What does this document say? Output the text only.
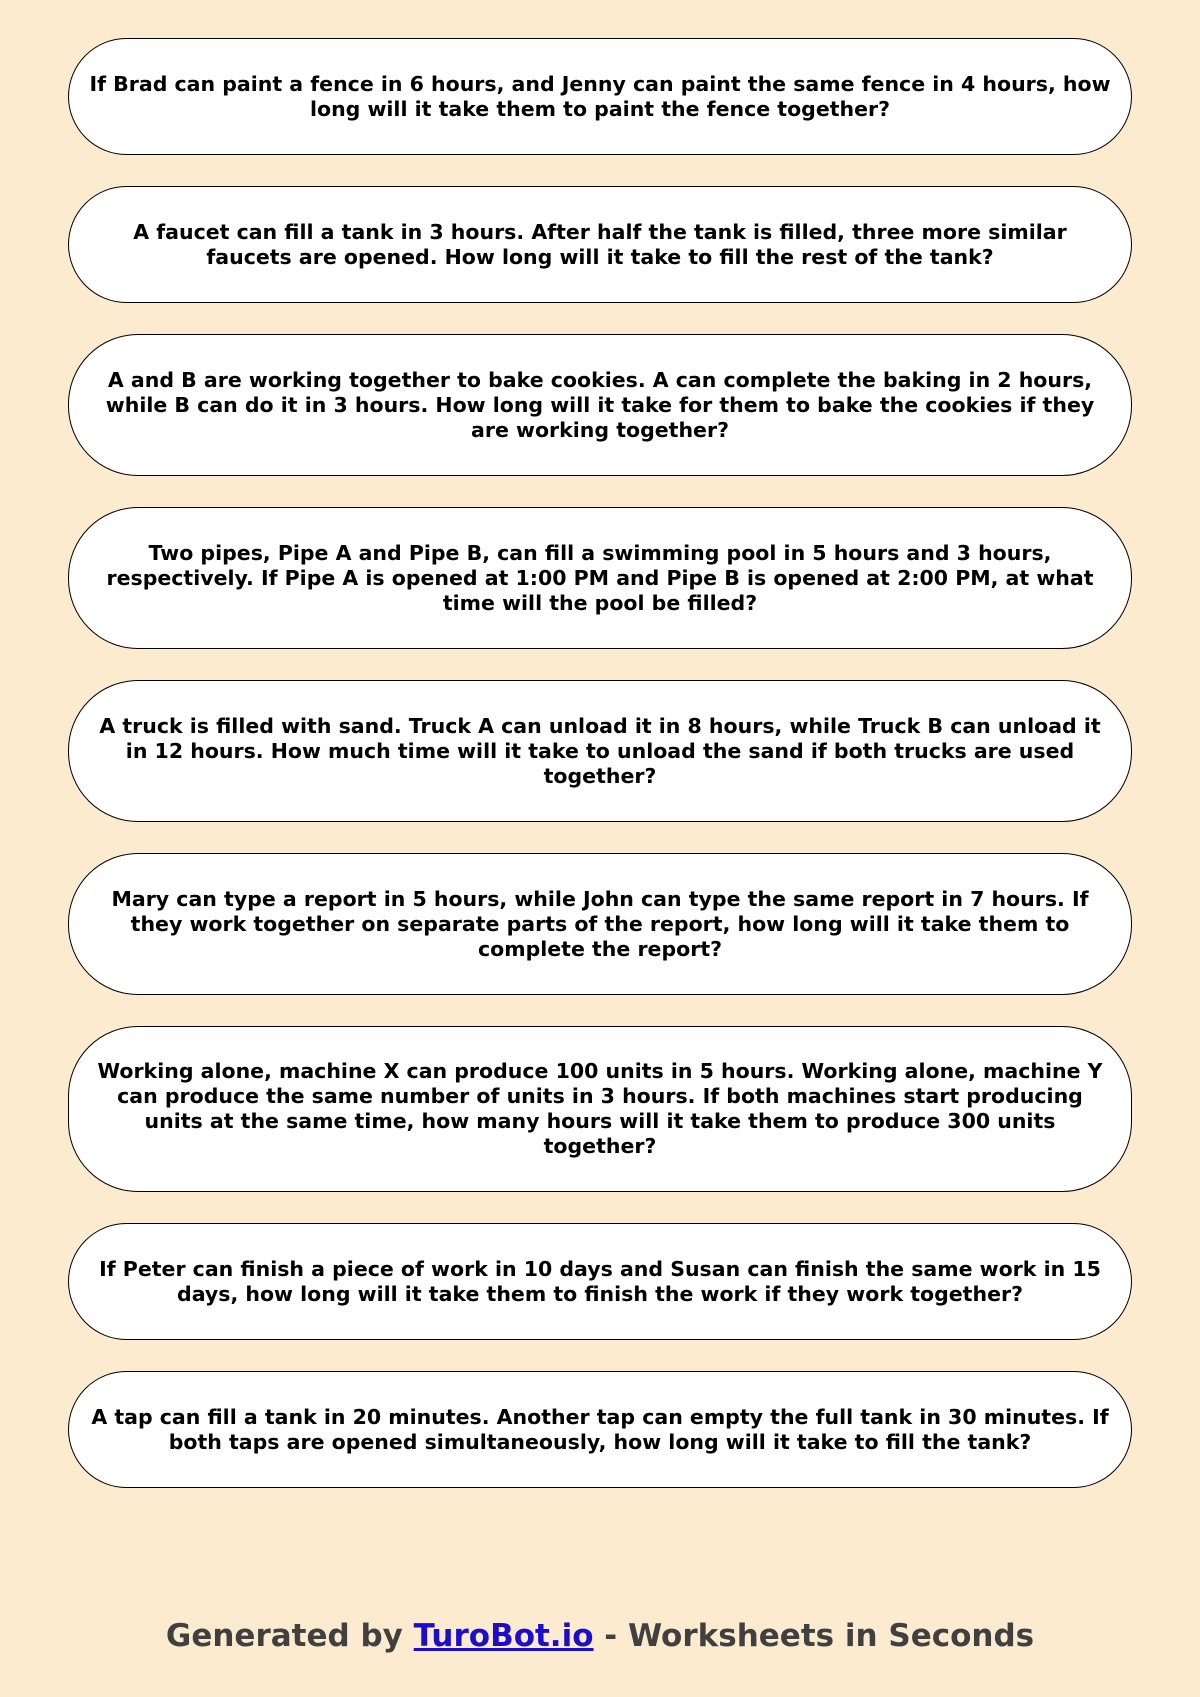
If Brad can paint a fence in 6 hours, and Jenny can paint the same fence in 4 hours, how long will it take them to paint the fence together?
A faucet can fill a tank in 3 hours. After half the tank is filled, three more similar faucets are opened. How long will it take to fill the rest of the tank?
A and B are working together to bake cookies. A can complete the baking in 2 hours, while B can do it in 3 hours. How long will it take for them to bake the cookies if they are working together?
Two pipes, Pipe A and Pipe B, can fill a swimming pool in 5 hours and 3 hours, respectively. If Pipe A is opened at 1:00 PM and Pipe B is opened at 2:00 PM, at what time will the pool be filled?
A truck is filled with sand. Truck A can unload it in 8 hours, while Truck B can unload it in 12 hours. How much time will it take to unload the sand if both trucks are used together?
Mary can type a report in 5 hours, while John can type the same report in 7 hours. If they work together on separate parts of the report, how long will it take them to complete the report?
Working alone, machine X can produce 100 units in 5 hours. Working alone, machine Y can produce the same number of units in 3 hours. If both machines start producing units at the same time, how many hours will it take them to produce 300 units together?
If Peter can finish a piece of work in 10 days and Susan can finish the same work in 15 days, how long will it take them to finish the work if they work together?
A tap can fill a tank in 20 minutes. Another tap can empty the full tank in 30 minutes. If both taps are opened simultaneously, how long will it take to fill the tank?
Generated by TuroBot.io - Worksheets in Seconds
